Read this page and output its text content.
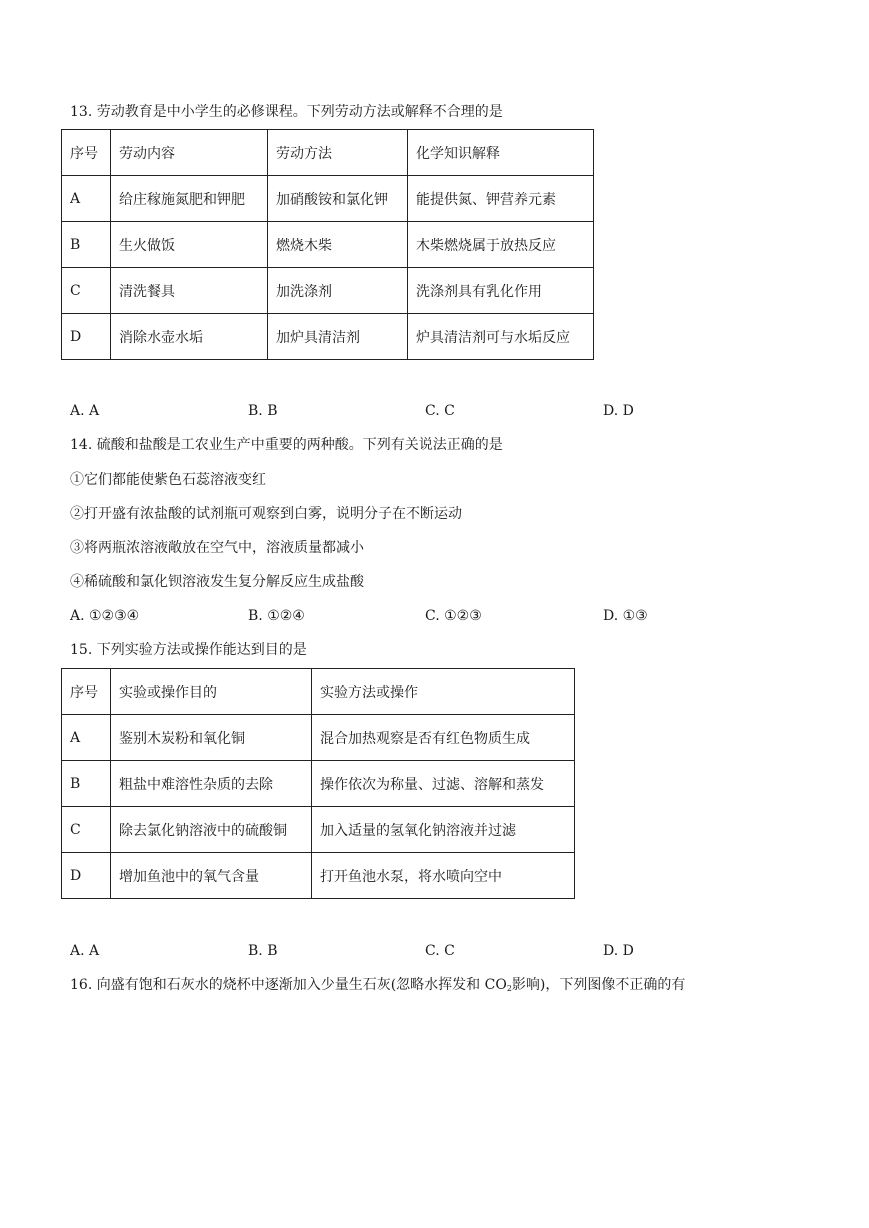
13. 劳动教育是中小学生的必修课程。下列劳动方法或解释不合理的是
序号	劳动内容	劳动方法	化学知识解释
A	给庄稼施氮肥和钾肥	加硝酸铵和氯化钾	能提供氮、钾营养元素
B	生火做饭	燃烧木柴	木柴燃烧属于放热反应
C	清洗餐具	加洗涤剂	洗涤剂具有乳化作用
D	消除水壶水垢	加炉具清洁剂	炉具清洁剂可与水垢反应
A. A	B. B	C. C	D. D
14. 硫酸和盐酸是工农业生产中重要的两种酸。下列有关说法正确的是
①它们都能使紫色石蕊溶液变红
②打开盛有浓盐酸的试剂瓶可观察到白雾，说明分子在不断运动
③将两瓶浓溶液敞放在空气中，溶液质量都减小
④稀硫酸和氯化钡溶液发生复分解反应生成盐酸
A. ①②③④	B. ①②④	C. ①②③	D. ①③
15. 下列实验方法或操作能达到目的是
序号	实验或操作目的	实验方法或操作
A	鉴别木炭粉和氧化铜	混合加热观察是否有红色物质生成
B	粗盐中难溶性杂质的去除	操作依次为称量、过滤、溶解和蒸发
C	除去氯化钠溶液中的硫酸铜	加入适量的氢氧化钠溶液并过滤
D	增加鱼池中的氧气含量	打开鱼池水泵，将水喷向空中
A. A	B. B	C. C	D. D
16. 向盛有饱和石灰水的烧杯中逐渐加入少量生石灰(忽略水挥发和 $CO_2$影响)，下列图像不正确的有
